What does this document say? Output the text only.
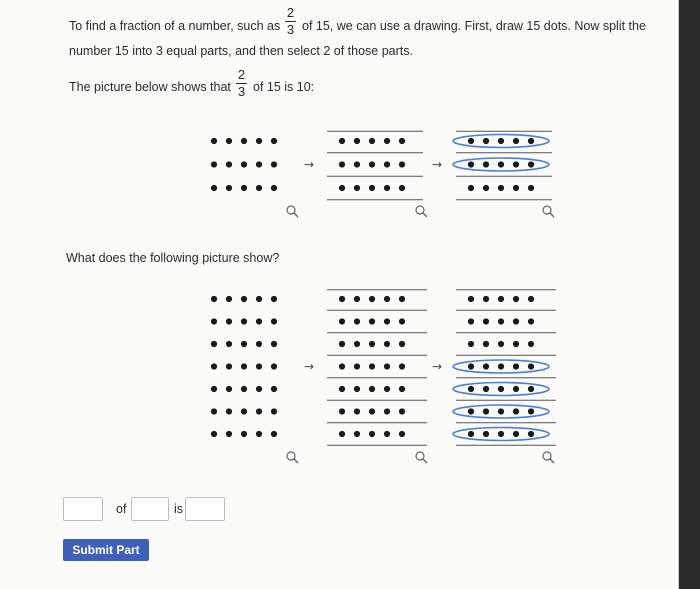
To find a fraction of a number, such as
2
3 of 15, we can use a drawing. First, draw 15 dots. Now split the
number 15 into 3 equal parts, and then select 2 of those parts.
The picture below shows that
2
3 of 15 is 10:
What does the following picture show?
→	→
→	→
of	is
Submit Part
